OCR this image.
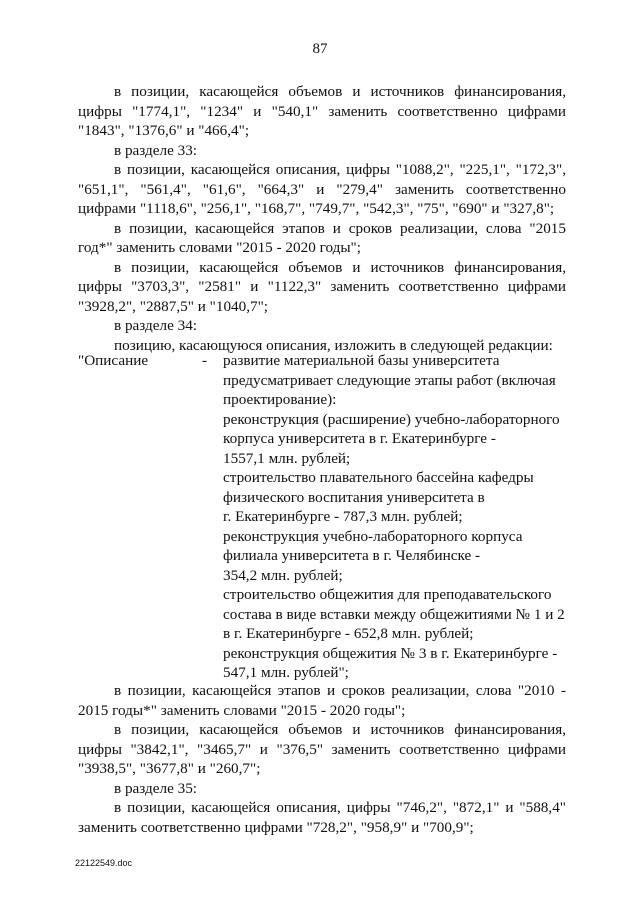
87

в позиции, касающейся объемов и источников финансирования, цифры "1774,1", "1234" и "540,1" заменить соответственно цифрами "1843", "1376,6" и "466,4";

в разделе 33:

в позиции, касающейся описания, цифры "1088,2", "225,1", "172,3", "651,1", "561,4", "61,6", "664,3" и "279,4" заменить соответственно цифрами "1118,6", "256,1", "168,7", "749,7", "542,3", "75", "690" и "327,8";

в позиции, касающейся этапов и сроков реализации, слова "2015 год*" заменить словами "2015 - 2020 годы";

в позиции, касающейся объемов и источников финансирования, цифры "3703,3", "2581" и "1122,3" заменить соответственно цифрами "3928,2", "2887,5" и "1040,7";

в разделе 34:

позицию, касающуюся описания, изложить в следующей редакции:

"Описание	- развитие материальной базы университета
предусматривает следующие этапы работ (включая
проектирование):
реконструкция (расширение) учебно-лабораторного
корпуса университета в г. Екатеринбурге -
1557,1 млн. рублей;
строительство плавательного бассейна кафедры
физического воспитания университета в
г. Екатеринбурге - 787,3 млн. рублей;
реконструкция учебно-лабораторного корпуса
филиала университета в г. Челябинске -
354,2 млн. рублей;
строительство общежития для преподавательского
состава в виде вставки между общежитиями № 1 и 2
в г. Екатеринбурге - 652,8 млн. рублей;
реконструкция общежития № 3 в г. Екатеринбурге -
547,1 млн. рублей";

в позиции, касающейся этапов и сроков реализации, слова "2010 - 2015 годы*" заменить словами "2015 - 2020 годы";

в позиции, касающейся объемов и источников финансирования, цифры "3842,1", "3465,7" и "376,5" заменить соответственно цифрами "3938,5", "3677,8" и "260,7";

в разделе 35:

в позиции, касающейся описания, цифры "746,2", "872,1" и "588,4" заменить соответственно цифрами "728,2", "958,9" и "700,9";

22122549.doc
